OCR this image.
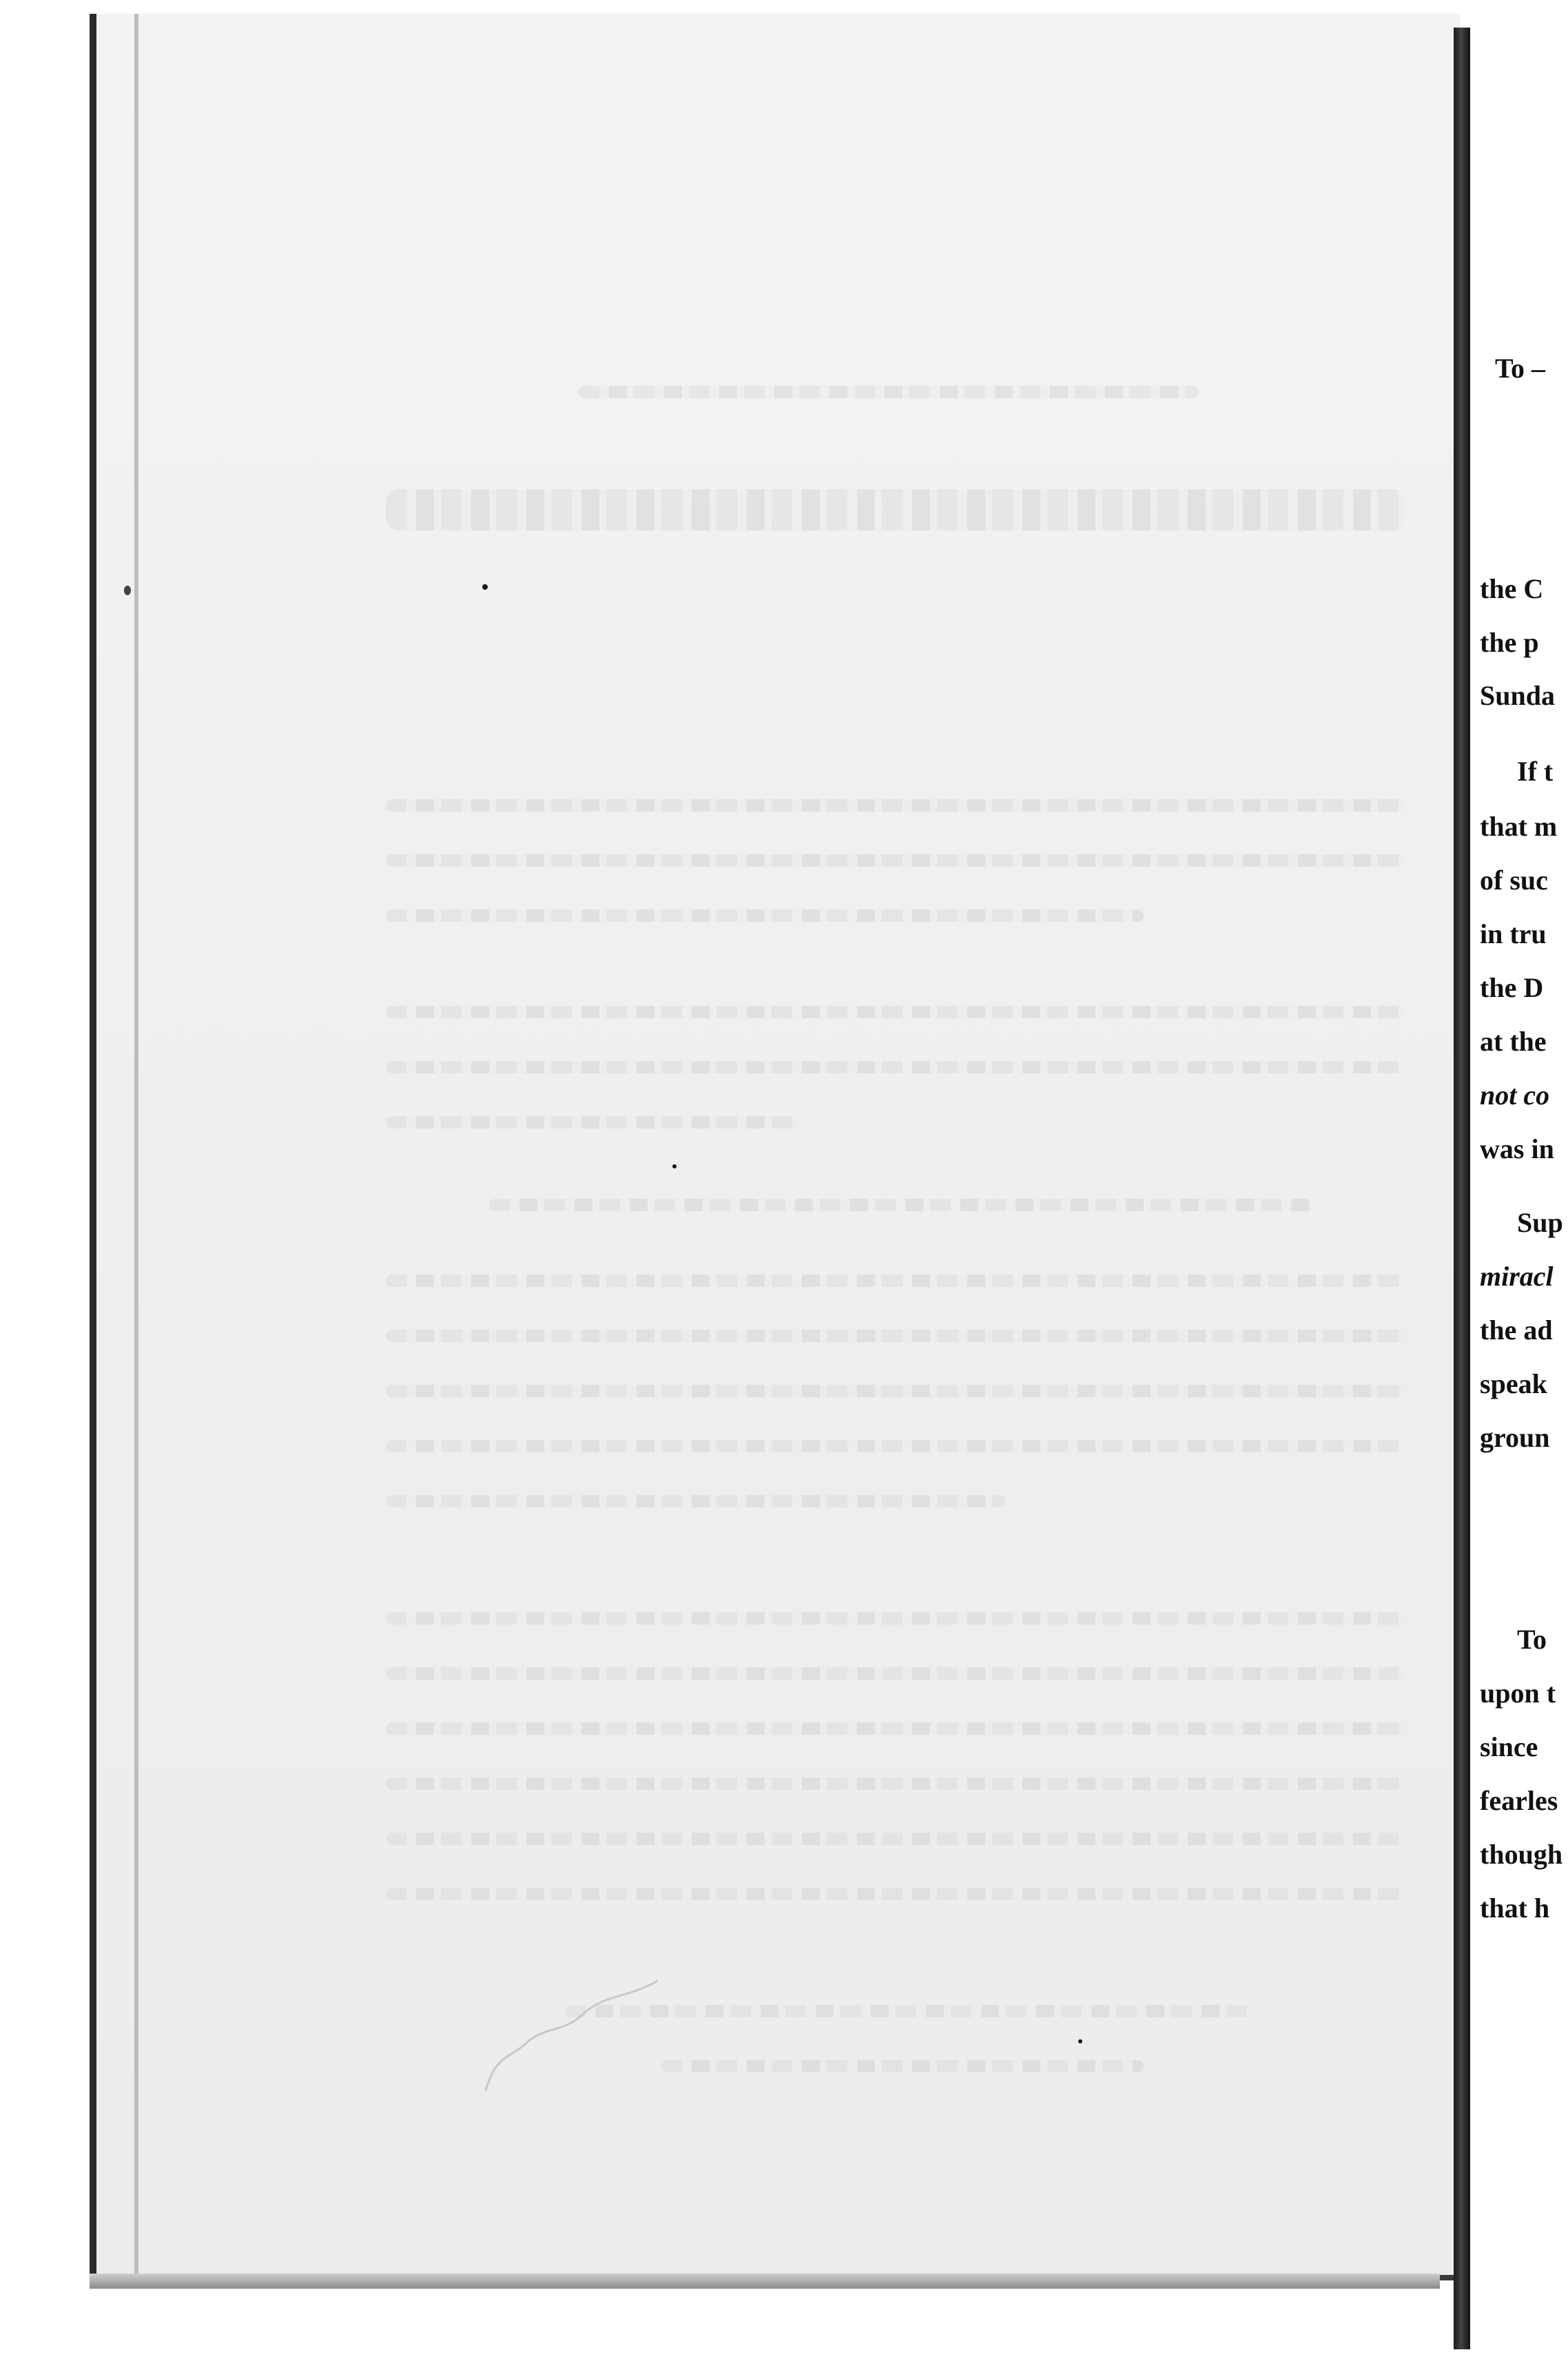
To –
the C
the p
Sunda
If t
that m
of suc
in tru
the D
at the
not co
was in
Sup
miracl
the ad
speak
groun
To
upon t
since
fearles
though
that h
